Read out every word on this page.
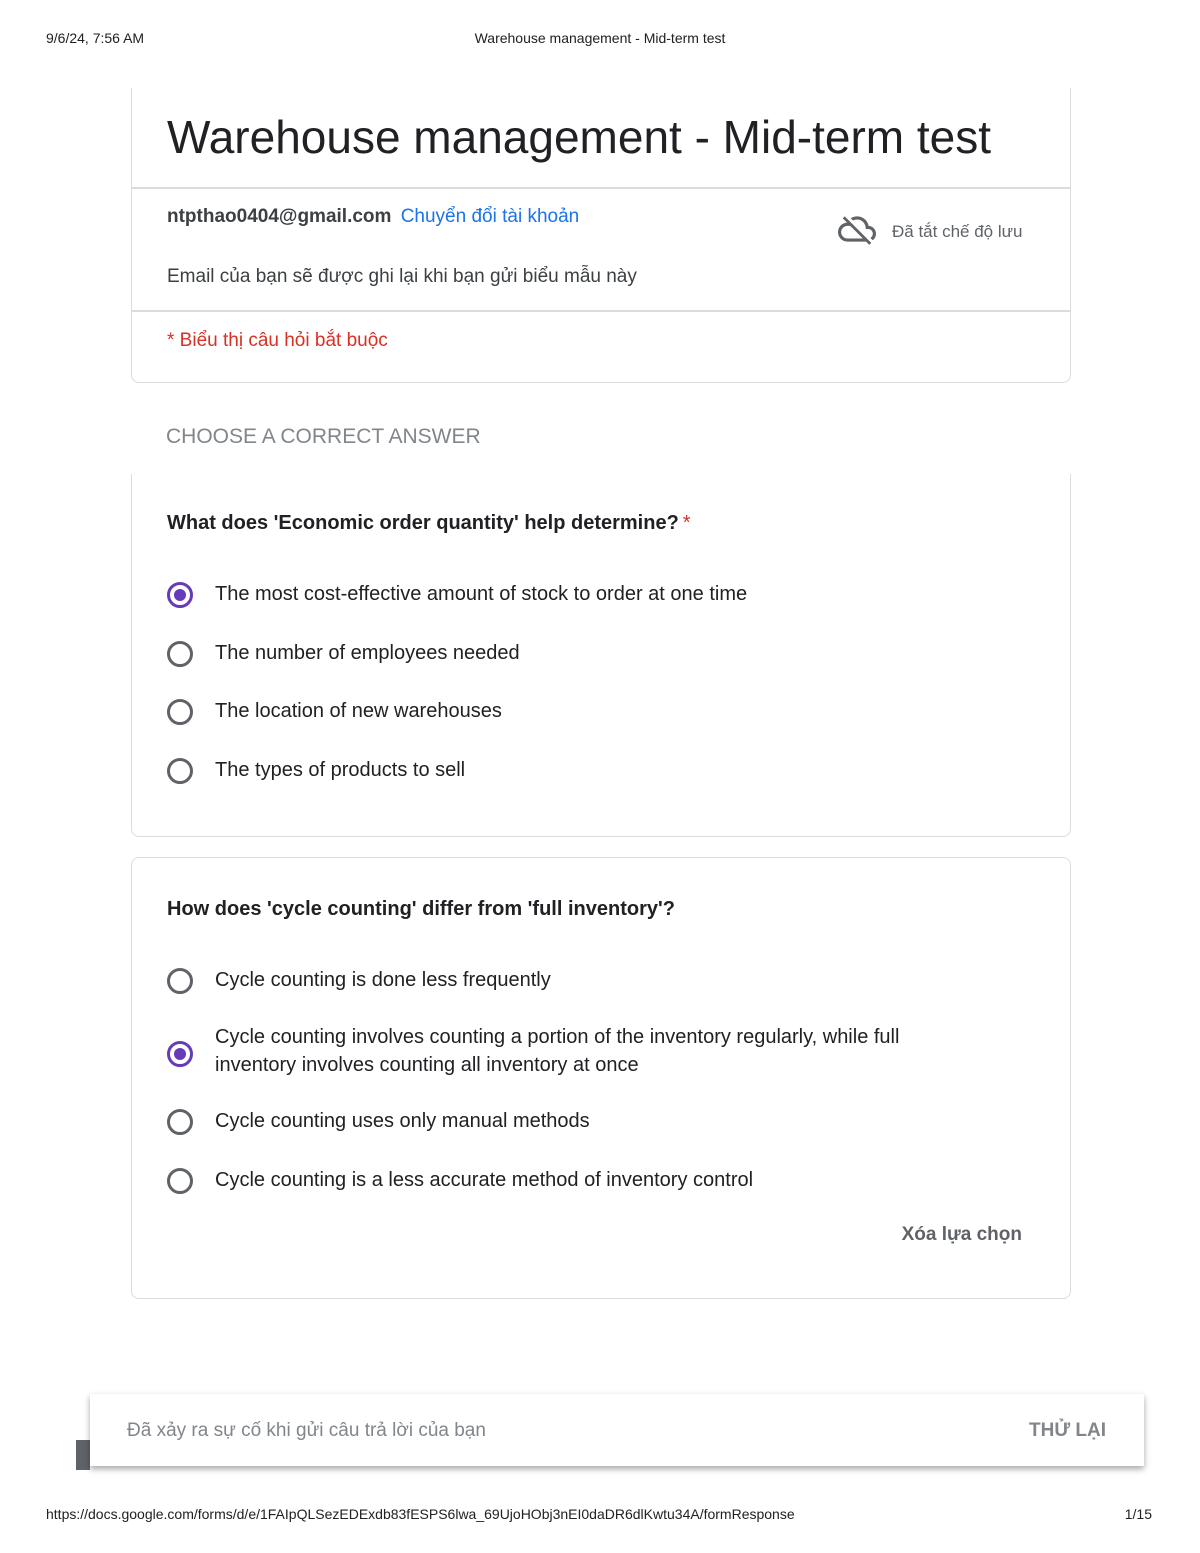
9/6/24, 7:56 AM	Warehouse management - Mid-term test
Warehouse management - Mid-term test
ntpthao0404@gmail.com Chuyển đổi tài khoản
Đã tắt chế độ lưu
Email của bạn sẽ được ghi lại khi bạn gửi biểu mẫu này
* Biểu thị câu hỏi bắt buộc
CHOOSE A CORRECT ANSWER
What does 'Economic order quantity' help determine? *
The most cost-effective amount of stock to order at one time
The number of employees needed
The location of new warehouses
The types of products to sell
How does 'cycle counting' differ from 'full inventory'?
Cycle counting is done less frequently
Cycle counting involves counting a portion of the inventory regularly, while full inventory involves counting all inventory at once
Cycle counting uses only manual methods
Cycle counting is a less accurate method of inventory control
Xóa lựa chọn
Đã xảy ra sự cố khi gửi câu trả lời của bạn	THỬ LẠI
https://docs.google.com/forms/d/e/1FAIpQLSezEDExdb83fESPS6lwa_69UjoHObj3nEI0daDR6dlKwtu34A/formResponse	1/15
